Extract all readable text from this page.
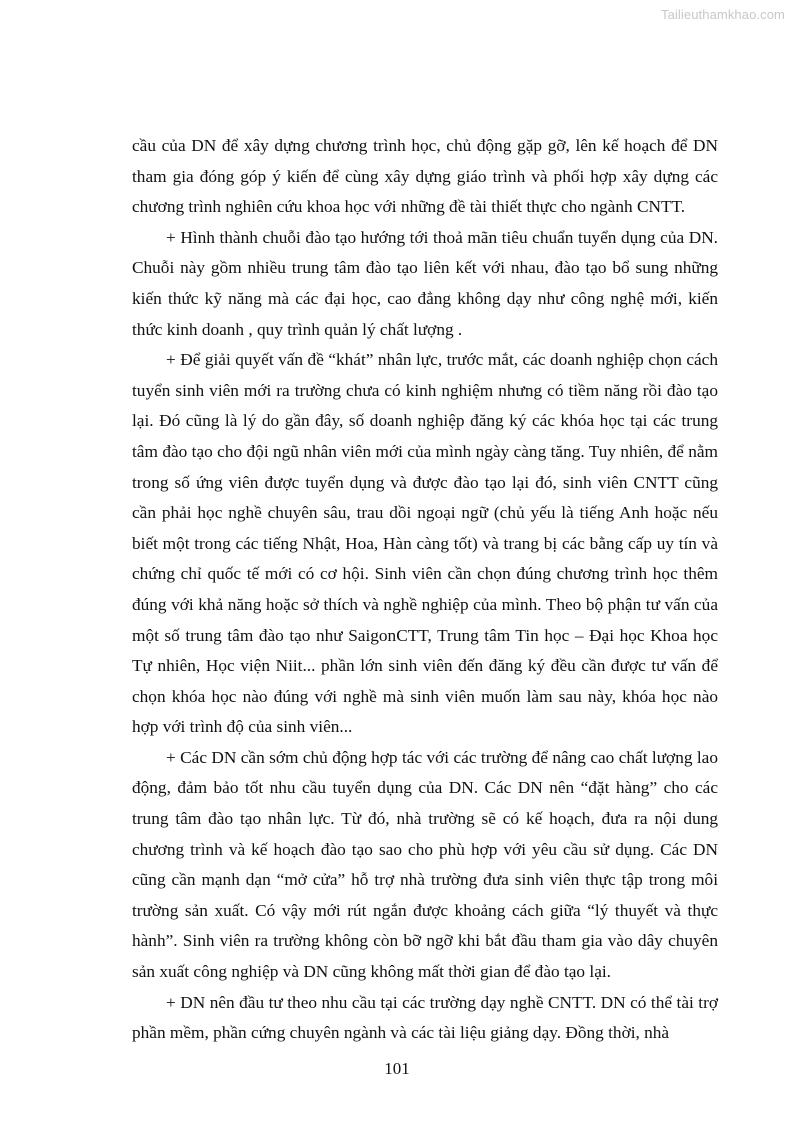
Tailieuthamkhao.com

cầu của DN để xây dựng chương trình học, chủ động gặp gỡ, lên kế hoạch để DN tham gia đóng góp ý kiến để cùng xây dựng giáo trình và phối hợp xây dựng các chương trình nghiên cứu khoa học với những đề tài thiết thực cho ngành CNTT.

+ Hình thành chuỗi đào tạo hướng tới thoả mãn tiêu chuẩn tuyển dụng của DN. Chuỗi này gồm nhiều trung tâm đào tạo liên kết với nhau, đào tạo bổ sung những kiến thức kỹ năng mà các đại học, cao đẳng không dạy như công nghệ mới, kiến thức kinh doanh , quy trình quản lý chất lượng .

+ Để giải quyết vấn đề “khát” nhân lực, trước mắt, các doanh nghiệp chọn cách tuyển sinh viên mới ra trường chưa có kinh nghiệm nhưng có tiềm năng rồi đào tạo lại. Đó cũng là lý do gần đây, số doanh nghiệp đăng ký các khóa học tại các trung tâm đào tạo cho đội ngũ nhân viên mới của mình ngày càng tăng. Tuy nhiên, để nằm trong số ứng viên được tuyển dụng và được đào tạo lại đó, sinh viên CNTT cũng cần phải học nghề chuyên sâu, trau dồi ngoại ngữ (chủ yếu là tiếng Anh hoặc nếu biết một trong các tiếng Nhật, Hoa, Hàn càng tốt) và trang bị các bằng cấp uy tín và chứng chỉ quốc tế mới có cơ hội. Sinh viên cần chọn đúng chương trình học thêm đúng với khả năng hoặc sở thích và nghề nghiệp của mình. Theo bộ phận tư vấn của một số trung tâm đào tạo như SaigonCTT, Trung tâm Tin học – Đại học Khoa học Tự nhiên, Học viện Niit... phần lớn sinh viên đến đăng ký đều cần được tư vấn để chọn khóa học nào đúng với nghề mà sinh viên muốn làm sau này, khóa học nào hợp với trình độ của sinh viên...

+ Các DN cần sớm chủ động hợp tác với các trường để nâng cao chất lượng lao động, đảm bảo tốt nhu cầu tuyển dụng của DN. Các DN nên “đặt hàng” cho các trung tâm đào tạo nhân lực. Từ đó, nhà trường sẽ có kế hoạch, đưa ra nội dung chương trình và kế hoạch đào tạo sao cho phù hợp với yêu cầu sử dụng. Các DN cũng cần mạnh dạn “mở cửa” hỗ trợ nhà trường đưa sinh viên thực tập trong môi trường sản xuất. Có vậy mới rút ngắn được khoảng cách giữa “lý thuyết và thực hành”. Sinh viên ra trường không còn bỡ ngỡ khi bắt đầu tham gia vào dây chuyên sản xuất công nghiệp và DN cũng không mất thời gian để đào tạo lại.

+ DN nên đầu tư theo nhu cầu tại các trường dạy nghề CNTT. DN có thể tài trợ phần mềm, phần cứng chuyên ngành và các tài liệu giảng dạy. Đồng thời, nhà

101
